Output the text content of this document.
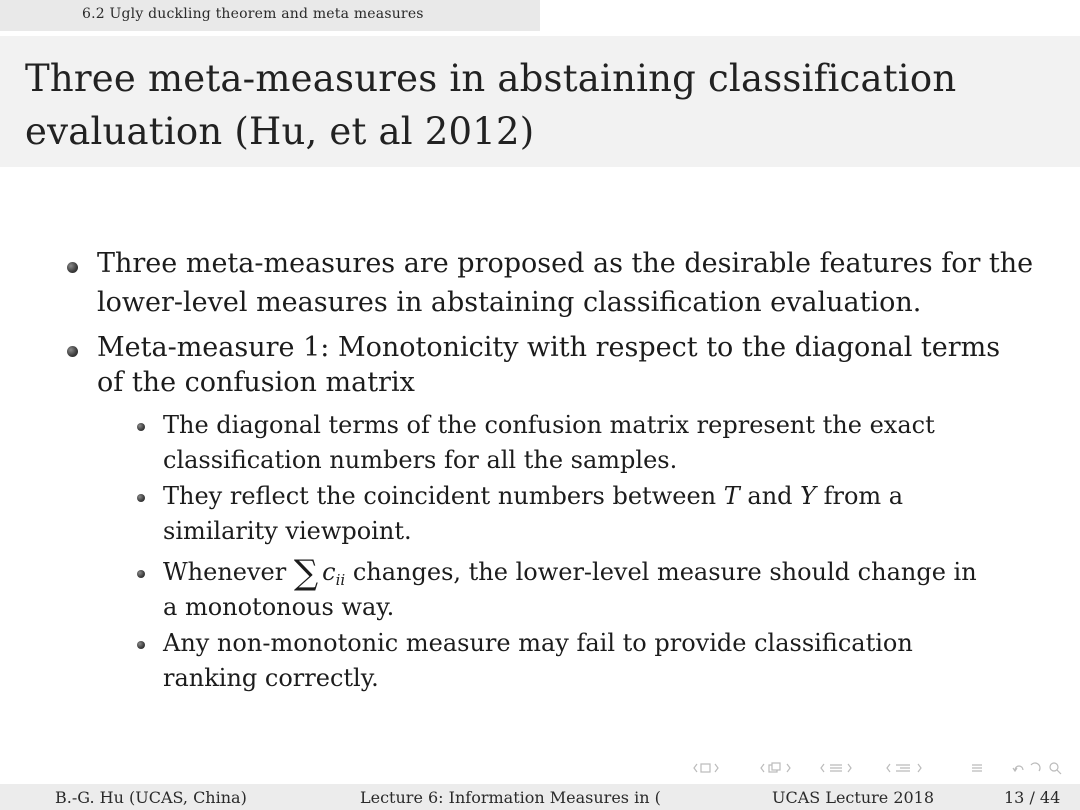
6.2 Ugly duckling theorem and meta measures
Three meta-measures in abstaining classification
evaluation (Hu, et al 2012)
Three meta-measures are proposed as the desirable features for the
lower-level measures in abstaining classification evaluation.
Meta-measure 1: Monotonicity with respect to the diagonal terms
of the confusion matrix
The diagonal terms of the confusion matrix represent the exact
classification numbers for all the samples.
They reflect the coincident numbers between T and Y from a
similarity viewpoint.
Whenever ∑ $c_{ii}$ changes, the lower-level measure should change in
a monotonous way.
Any non-monotonic measure may fail to provide classification
ranking correctly.
B.-G. Hu (UCAS, China)	Lecture 6: Information Measures in (	UCAS Lecture 2018	13 / 44
